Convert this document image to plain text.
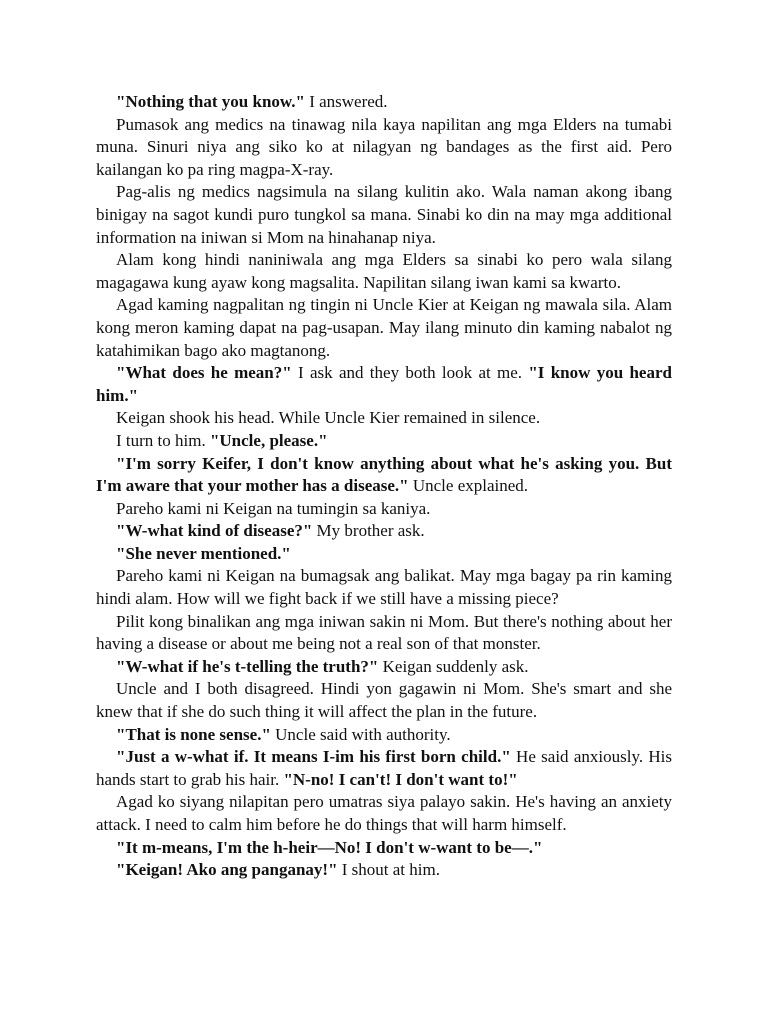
"Nothing that you know." I answered.

Pumasok ang medics na tinawag nila kaya napilitan ang mga Elders na tumabi muna. Sinuri niya ang siko ko at nilagyan ng bandages as the first aid. Pero kailangan ko pa ring magpa-X-ray.

Pag-alis ng medics nagsimula na silang kulitin ako. Wala naman akong ibang binigay na sagot kundi puro tungkol sa mana. Sinabi ko din na may mga additional information na iniwan si Mom na hinahanap niya.

Alam kong hindi naniniwala ang mga Elders sa sinabi ko pero wala silang magagawa kung ayaw kong magsalita. Napilitan silang iwan kami sa kwarto.

Agad kaming nagpalitan ng tingin ni Uncle Kier at Keigan ng mawala sila. Alam kong meron kaming dapat na pag-usapan. May ilang minuto din kaming nabalot ng katahimikan bago ako magtanong.

"What does he mean?" I ask and they both look at me. "I know you heard him."

Keigan shook his head. While Uncle Kier remained in silence.

I turn to him. "Uncle, please."

"I'm sorry Keifer, I don't know anything about what he's asking you. But I'm aware that your mother has a disease." Uncle explained.

Pareho kami ni Keigan na tumingin sa kaniya.

"W-what kind of disease?" My brother ask.

"She never mentioned."

Pareho kami ni Keigan na bumagsak ang balikat. May mga bagay pa rin kaming hindi alam. How will we fight back if we still have a missing piece?

Pilit kong binalikan ang mga iniwan sakin ni Mom. But there's nothing about her having a disease or about me being not a real son of that monster.

"W-what if he's t-telling the truth?" Keigan suddenly ask.

Uncle and I both disagreed. Hindi yon gagawin ni Mom. She's smart and she knew that if she do such thing it will affect the plan in the future.

"That is none sense." Uncle said with authority.

"Just a w-what if. It means I-im his first born child." He said anxiously. His hands start to grab his hair. "N-no! I can't! I don't want to!"

Agad ko siyang nilapitan pero umatras siya palayo sakin. He's having an anxiety attack. I need to calm him before he do things that will harm himself.

"It m-means, I'm the h-heir—No! I don't w-want to be—."

"Keigan! Ako ang panganay!" I shout at him.
